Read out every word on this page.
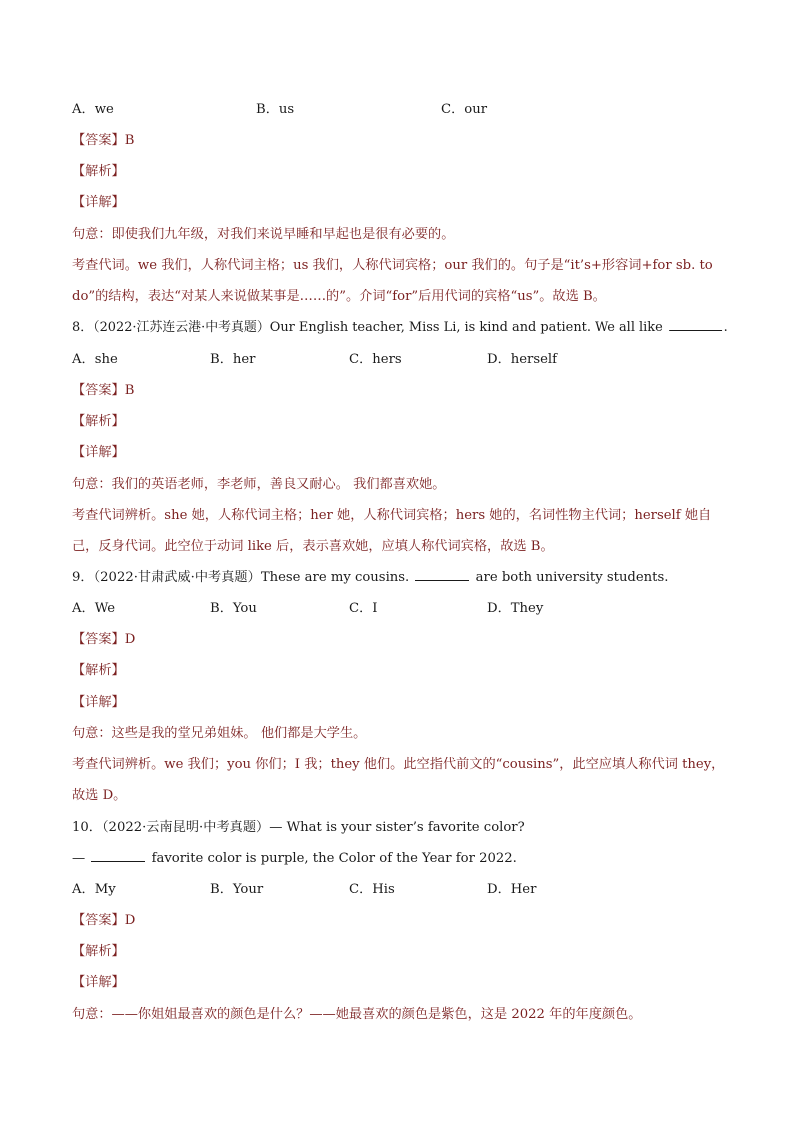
A．we	B．us	C．our
【答案】B
【解析】
【详解】
句意：即使我们九年级，对我们来说早睡和早起也是很有必要的。
考查代词。we 我们，人称代词主格；us 我们，人称代词宾格；our 我们的。句子是“it’s+形容词+for sb. to
do”的结构，表达“对某人来说做某事是……的”。介词“for”后用代词的宾格“us”。故选 B。
8．（2022·江苏连云港·中考真题）Our English teacher, Miss Li, is kind and patient. We all like	.
A．she	B．her	C．hers	D．herself
【答案】B
【解析】
【详解】
句意：我们的英语老师，李老师，善良又耐心。 我们都喜欢她。
考查代词辨析。she 她，人称代词主格；her 她，人称代词宾格；hers 她的，名词性物主代词；herself 她自
己，反身代词。此空位于动词 like 后，表示喜欢她，应填人称代词宾格，故选 B。
9．（2022·甘肃武威·中考真题）These are my cousins.	are both university students.
A．We	B．You	C．I	D．They
【答案】D
【解析】
【详解】
句意：这些是我的堂兄弟姐妹。 他们都是大学生。
考查代词辨析。we 我们；you 你们；I 我；they 他们。此空指代前文的“cousins”，此空应填人称代词 they，
故选 D。
10．（2022·云南昆明·中考真题）— What is your sister’s favorite color?
—	favorite color is purple, the Color of the Year for 2022.
A．My	B．Your	C．His	D．Her
【答案】D
【解析】
【详解】
句意：——你姐姐最喜欢的颜色是什么？——她最喜欢的颜色是紫色，这是 2022 年的年度颜色。
